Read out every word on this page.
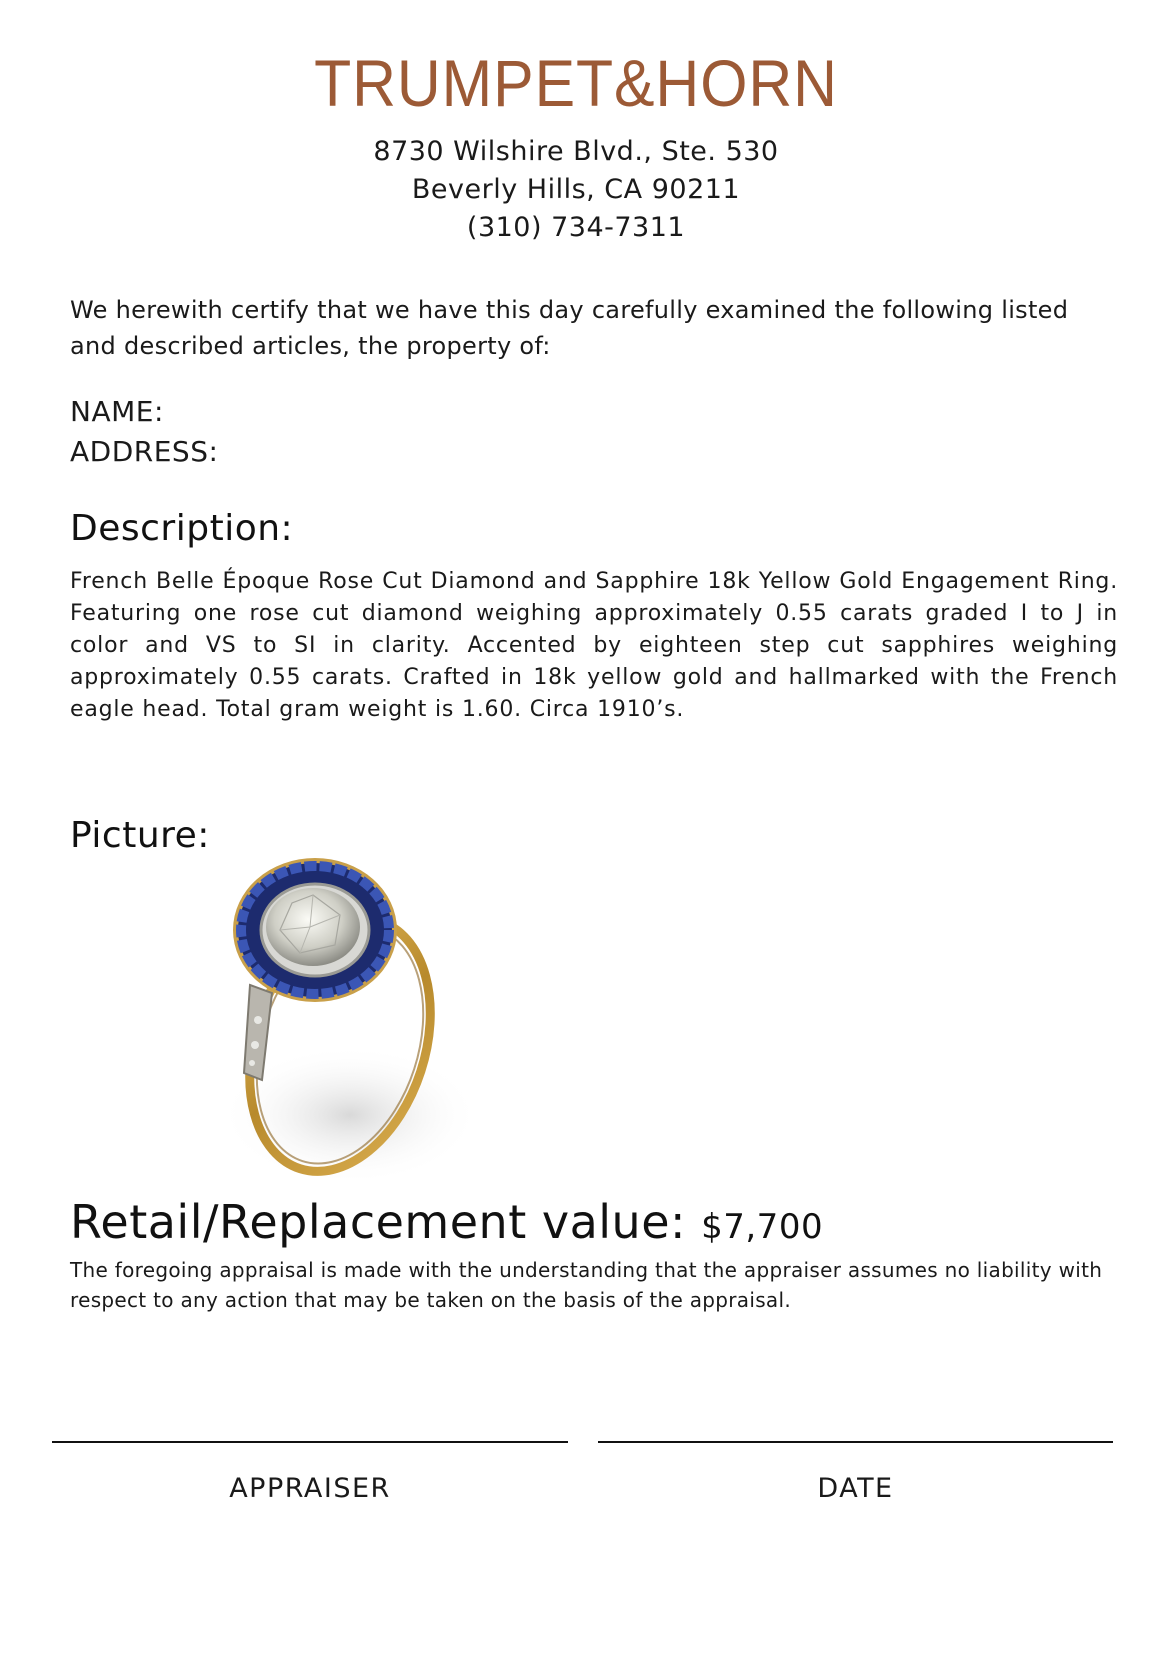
TRUMPET&HORN
8730 Wilshire Blvd., Ste. 530
Beverly Hills, CA 90211
(310) 734-7311
We herewith certify that we have this day carefully examined the following listed and described articles, the property of:
NAME:
ADDRESS:
Description:
French Belle Époque Rose Cut Diamond and Sapphire 18k Yellow Gold Engagement Ring. Featuring one rose cut diamond weighing approximately 0.55 carats graded I to J in color and VS to SI in clarity. Accented by eighteen step cut sapphires weighing approximately 0.55 carats. Crafted in 18k yellow gold and hallmarked with the French eagle head. Total gram weight is 1.60. Circa 1910’s.
Picture:
Retail/Replacement value: $7,700
The foregoing appraisal is made with the understanding that the appraiser assumes no liability with respect to any action that may be taken on the basis of the appraisal.
APPRAISER	DATE
